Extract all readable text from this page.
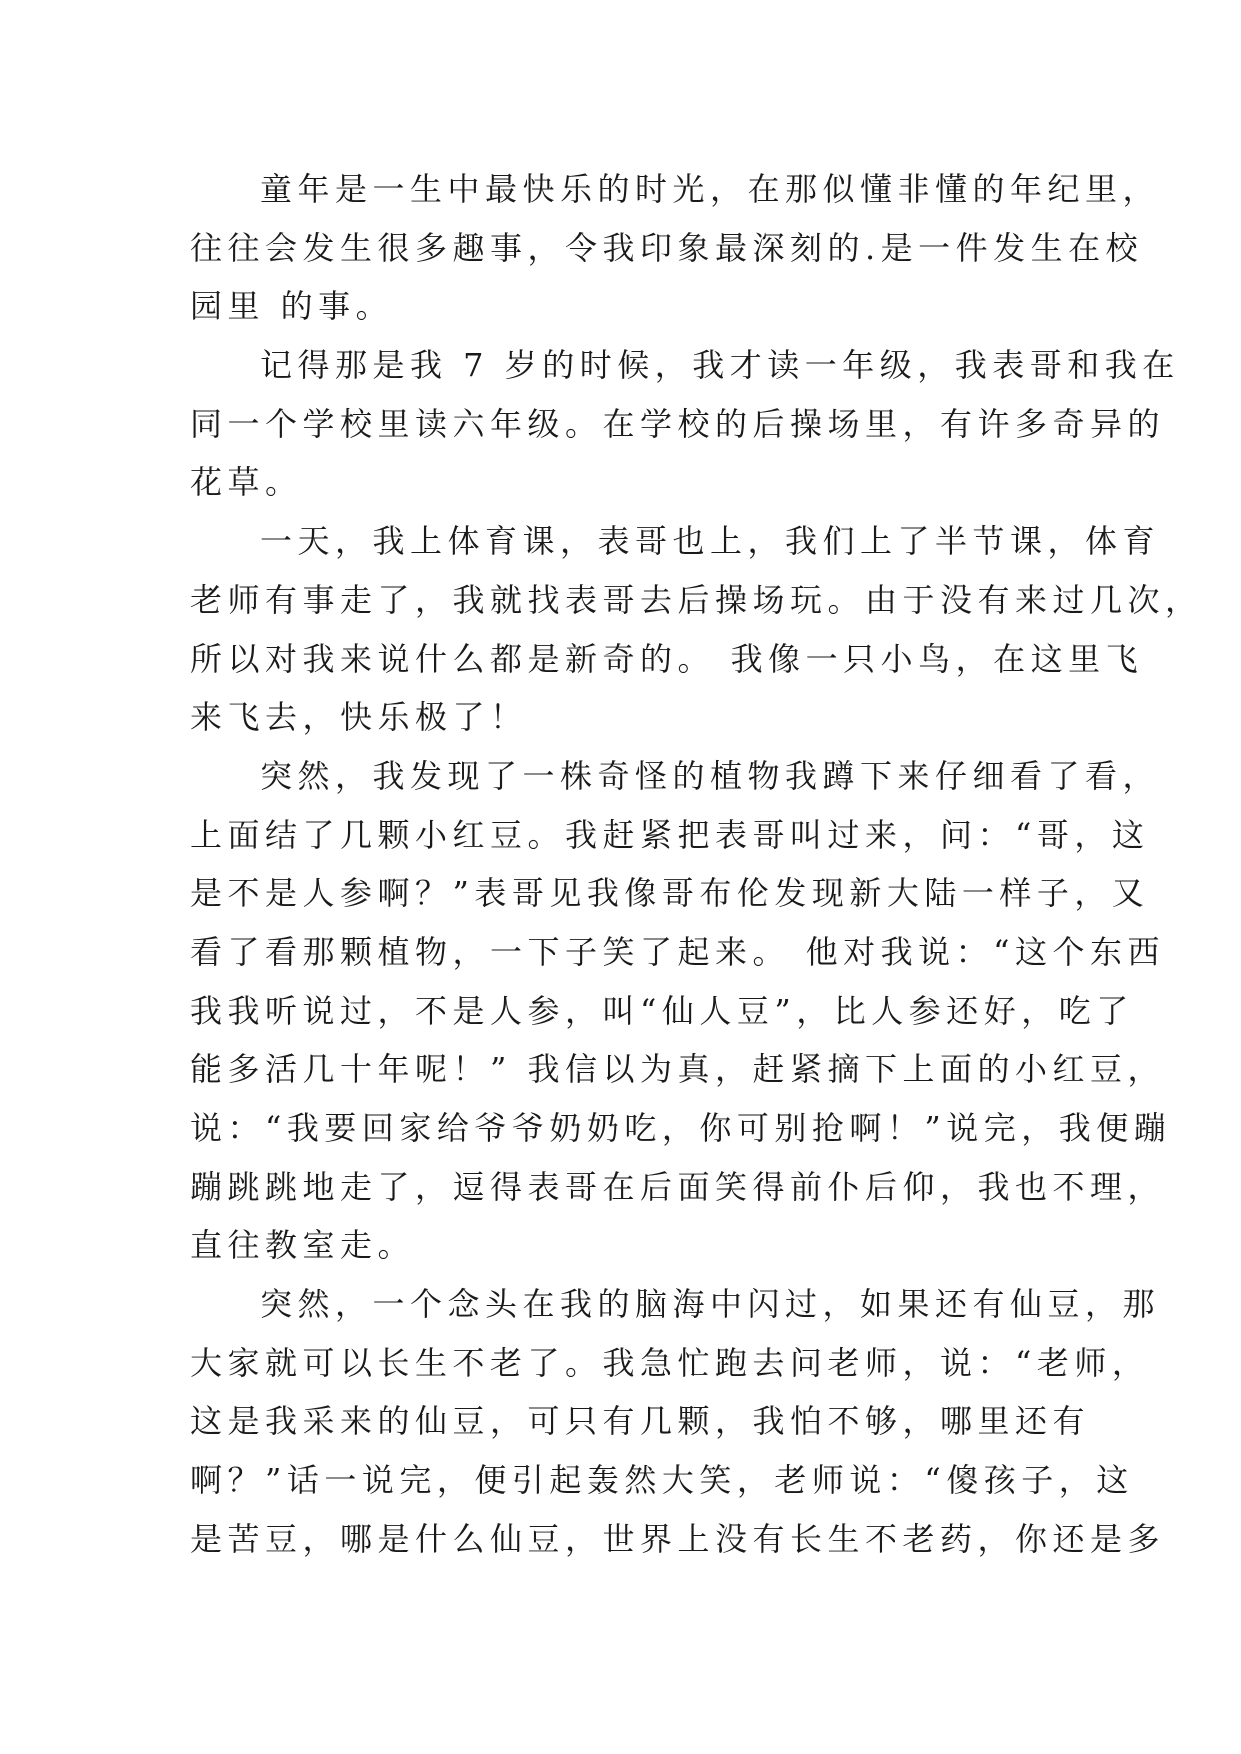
童年是一生中最快乐的时光，在那似懂非懂的年纪里，
往往会发生很多趣事，令我印象最深刻的.是一件发生在校
园里 的事。
记得那是我 7 岁的时候，我才读一年级，我表哥和我在
同一个学校里读六年级。在学校的后操场里，有许多奇异的
花草。
一天，我上体育课，表哥也上，我们上了半节课，体育
老师有事走了，我就找表哥去后操场玩。由于没有来过几次，
所以对我来说什么都是新奇的。 我像一只小鸟，在这里飞
来飞去，快乐极了！
突然，我发现了一株奇怪的植物我蹲下来仔细看了看，
上面结了几颗小红豆。我赶紧把表哥叫过来，问：“哥，这
是不是人参啊？”表哥见我像哥布伦发现新大陆一样子，又
看了看那颗植物，一下子笑了起来。 他对我说：“这个东西
我我听说过，不是人参，叫“仙人豆”，比人参还好，吃了
能多活几十年呢！” 我信以为真，赶紧摘下上面的小红豆，
说：“我要回家给爷爷奶奶吃，你可别抢啊！”说完，我便蹦
蹦跳跳地走了，逗得表哥在后面笑得前仆后仰，我也不理，
直往教室走。
突然，一个念头在我的脑海中闪过，如果还有仙豆，那
大家就可以长生不老了。我急忙跑去问老师，说：“老师，
这是我采来的仙豆，可只有几颗，我怕不够，哪里还有
啊？”话一说完，便引起轰然大笑，老师说：“傻孩子，这
是苦豆，哪是什么仙豆，世界上没有长生不老药，你还是多
